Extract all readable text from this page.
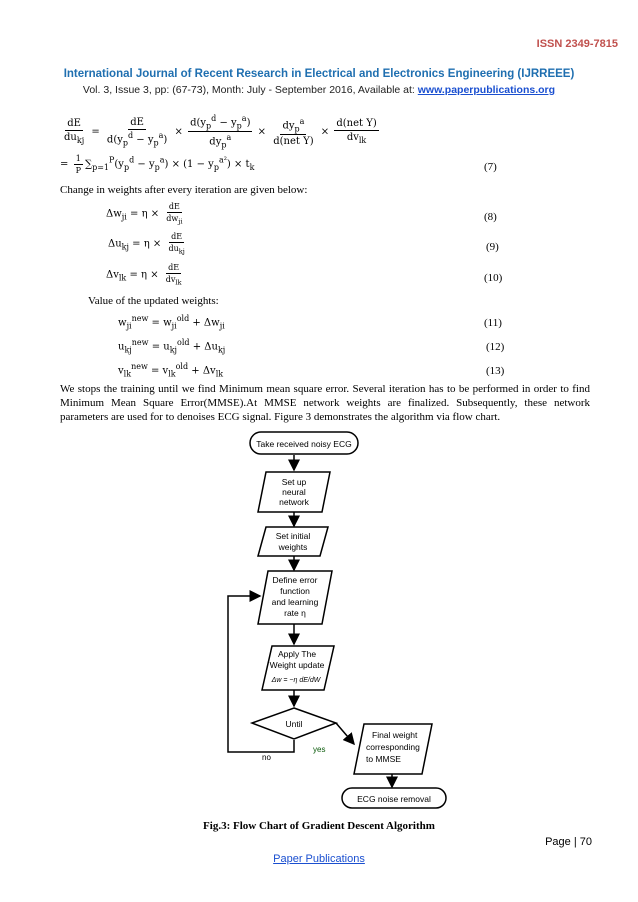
ISSN 2349-7815
International Journal of Recent Research in Electrical and Electronics Engineering (IJRREEE)
Vol. 3, Issue 3, pp: (67-73), Month: July - September 2016, Available at: www.paperpublications.org
$\frac{dE}{du_{kj}} = \frac{dE}{d(y_p^d - y_p^a)} \times \frac{d(y_p^d - y_p^a)}{dy_p^a} \times \frac{dy_p^a}{\text{d(net Y)}} \times \frac{\text{d(net Y)}}{dv_{lk}}$
= $\frac{1}{P} \sum_{p=1}^P(y_p^d - y_p^a) \times (1 - y_p^{a^2}) \times t_k$	(7)
Change in weights after every iteration are given below:
$\Delta w_{ji} = \eta \times \frac{dE}{dw_{ji}}$	(8)
$\Delta u_{kj} = \eta \times \frac{dE}{du_{kj}}$	(9)
$\Delta v_{lk} = \eta \times \frac{dE}{dv_{lk}}$	(10)
Value of the updated weights:
$w_{ji}^{new} = w_{ji}^{old} + \Delta w_{ji}$	(11)
$u_{kj}^{new} = u_{kj}^{old} + \Delta u_{kj}$	(12)
$v_{lk}^{new} = v_{lk}^{old} + \Delta v_{lk}$	(13)
We stops the training until we find Minimum mean square error. Several iteration has to be performed in order to find Minimum Mean Square Error(MMSE).At MMSE network weights are finalized. Subsequently, these network parameters are used for to denoises ECG signal. Figure 3 demonstrates the algorithm via flow chart.
Take received noisy ECG
Set up
neural
network
Set initial
weights
Define error
function
and learning
rate η
Apply The
Weight update
Δw = −η dE/dW
Until
yes
no
Final weight
corresponding
to MMSE
ECG noise removal
Fig.3: Flow Chart of Gradient Descent Algorithm
Page | 70
Paper Publications
